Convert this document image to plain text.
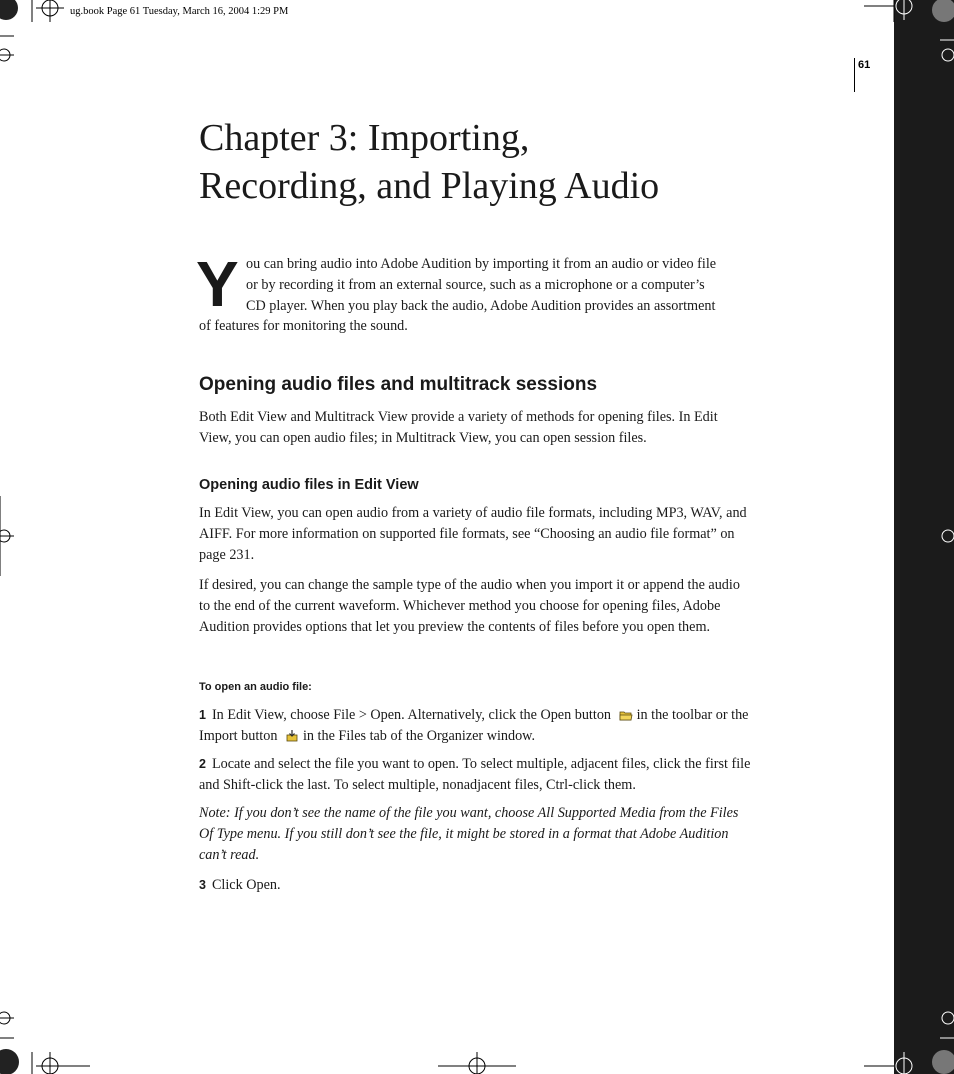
ug.book Page 61 Tuesday, March 16, 2004 1:29 PM
61
Chapter 3: Importing,
Recording, and Playing Audio
Y ou can bring audio into Adobe Audition by importing it from an audio or video file
or by recording it from an external source, such as a microphone or a computer’s
CD player. When you play back the audio, Adobe Audition provides an assortment
of features for monitoring the sound.
Opening audio files and multitrack sessions

Both Edit View and Multitrack View provide a variety of methods for opening files. In Edit View, you can open audio files; in Multitrack View, you can open session files.

Opening audio files in Edit View

In Edit View, you can open audio from a variety of audio file formats, including MP3, WAV, and AIFF. For more information on supported file formats, see “Choosing an audio file format” on page 231.

If desired, you can change the sample type of the audio when you import it or append the audio to the end of the current waveform. Whichever method you choose for opening files, Adobe Audition provides options that let you preview the contents of files before you open them.

To open an audio file:

1 In Edit View, choose File > Open. Alternatively, click the Open button in the toolbar or the Import button in the Files tab of the Organizer window.

2 Locate and select the file you want to open. To select multiple, adjacent files, click the first file and Shift-click the last. To select multiple, nonadjacent files, Ctrl-click them.

Note: If you don’t see the name of the file you want, choose All Supported Media from the Files Of Type menu. If you still don’t see the file, it might be stored in a format that Adobe Audition can’t read.

3 Click Open.
